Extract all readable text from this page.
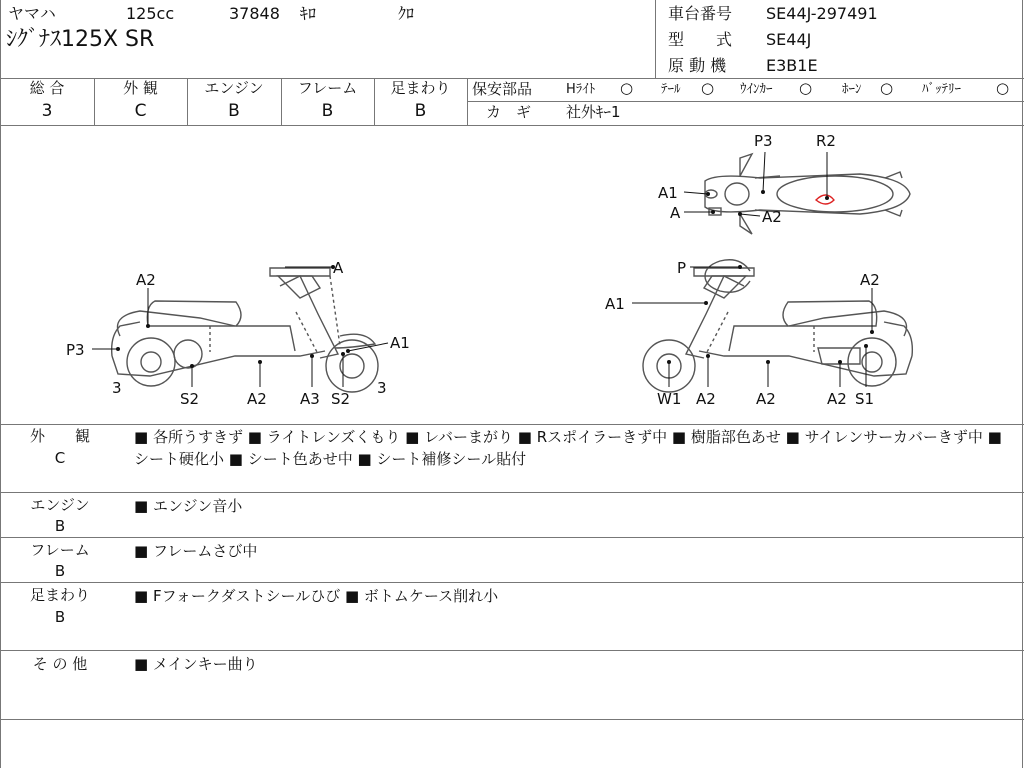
ヤマハ	125cc	37848 ｷﾛ	ｸﾛ
ｼｸﾞﾅｽ125X SR
車台番号 SE44J-297491
型　　式 SE44J
原 動 機 E3B1E
総 合
3
外 観
C
エンジン
B
フレーム
B
足まわり
B
保安部品	Hﾗｲﾄ ○ ﾃｰﾙ ○ ｳｲﾝｶｰ ○ ﾎｰﾝ ○ ﾊﾞｯﾃﾘｰ ○
カ　ギ 社外ｷｰ1
P3	R2
A1
A	A2
A
A2
P3	A1
3	3
S2	A2 A3 S2
P
A2
A1
W1 A2	A2	A2 S1
外　　観
C
■ 各所うすきず ■ ライトレンズくもり ■ レバーまがり ■ Rスポイラーきず中 ■ 樹脂部色あせ ■ サイレンサーカバーきず中 ■ シート硬化小 ■ シート色あせ中 ■ シート補修シール貼付
エンジン
B
■ エンジン音小
フレーム
B
■ フレームさび中
足まわり
B
■ Fフォークダストシールひび ■ ボトムケース削れ小
そ の 他	■ メインキー曲り
